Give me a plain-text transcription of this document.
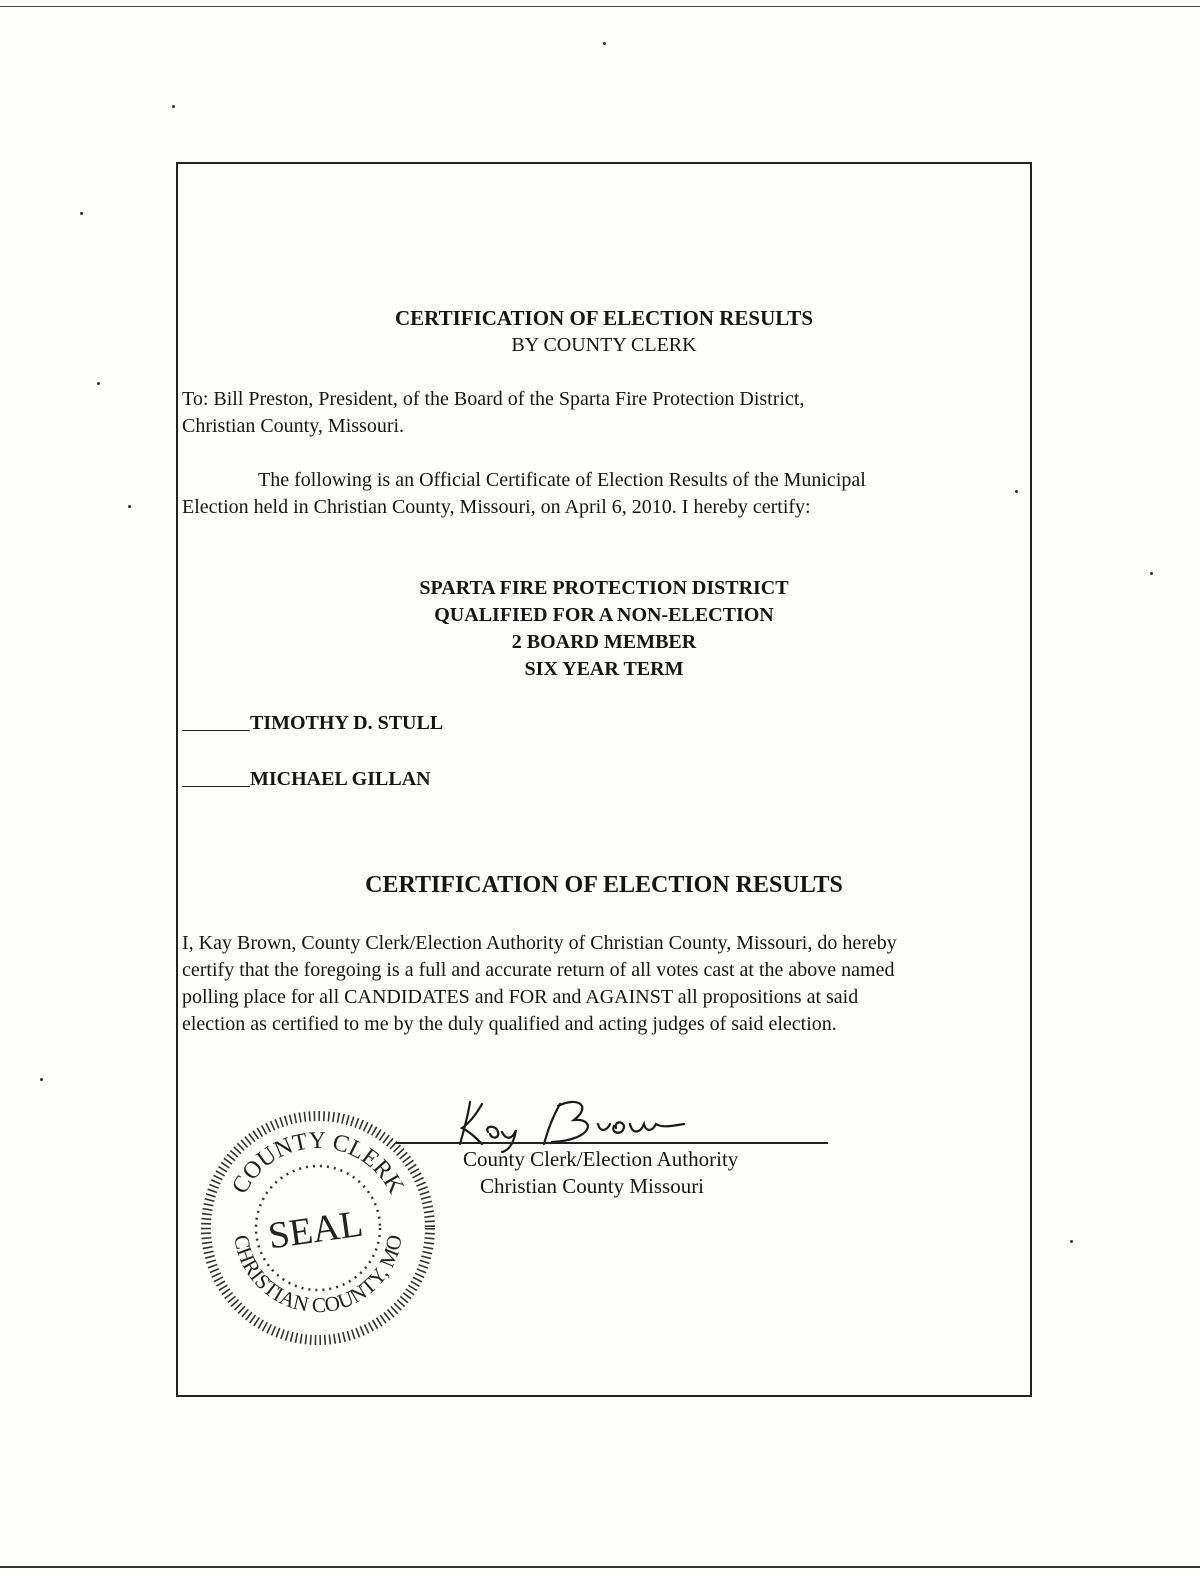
CERTIFICATION OF ELECTION RESULTS
BY COUNTY CLERK
To: Bill Preston, President, of the Board of the Sparta Fire Protection District,
Christian County, Missouri.
The following is an Official Certificate of Election Results of the Municipal
Election held in Christian County, Missouri, on April 6, 2010. I hereby certify:
SPARTA FIRE PROTECTION DISTRICT
QUALIFIED FOR A NON-ELECTION
2 BOARD MEMBER
SIX YEAR TERM
TIMOTHY D. STULL
MICHAEL GILLAN
CERTIFICATION OF ELECTION RESULTS
I, Kay Brown, County Clerk/Election Authority of Christian County, Missouri, do hereby
certify that the foregoing is a full and accurate return of all votes cast at the above named
polling place for all CANDIDATES and FOR and AGAINST all propositions at said
election as certified to me by the duly qualified and acting judges of said election.
County Clerk/Election Authority
Christian County Missouri
COUNTY CLERK
CHRISTIAN COUNTY, MO
SEAL
